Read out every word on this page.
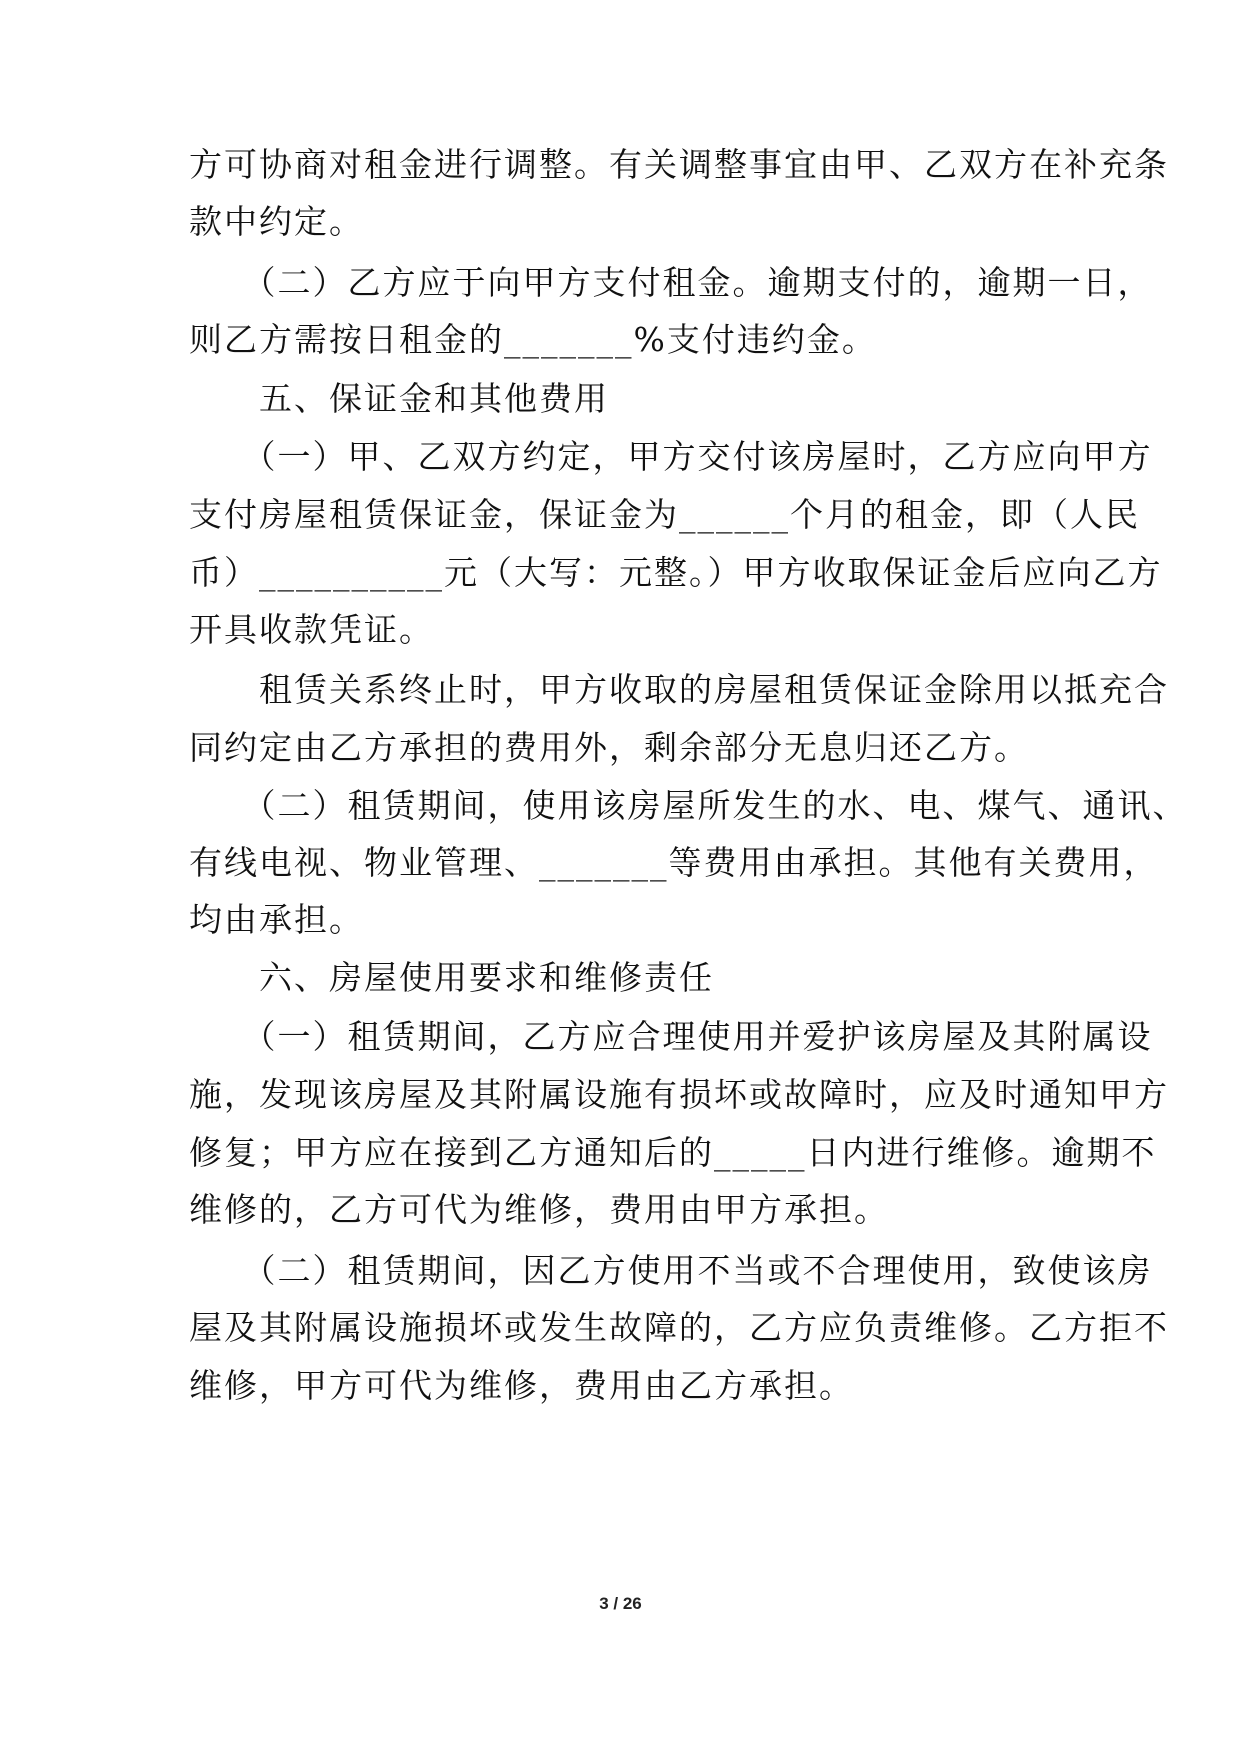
方可协商对租金进行调整。有关调整事宜由甲、乙双方在补充条
款中约定。
　　（二）乙方应于向甲方支付租金。逾期支付的，逾期一日，
则乙方需按日租金的_______%支付违约金。
　　五、保证金和其他费用
　　（一）甲、乙双方约定，甲方交付该房屋时，乙方应向甲方
支付房屋租赁保证金，保证金为______个月的租金，即（人民
币）__________元（大写：元整。）甲方收取保证金后应向乙方
开具收款凭证。
　　租赁关系终止时，甲方收取的房屋租赁保证金除用以抵充合
同约定由乙方承担的费用外，剩余部分无息归还乙方。
　　（二）租赁期间，使用该房屋所发生的水、电、煤气、通讯、
有线电视、物业管理、_______等费用由承担。其他有关费用，
均由承担。
　　六、房屋使用要求和维修责任
　　（一）租赁期间，乙方应合理使用并爱护该房屋及其附属设
施，发现该房屋及其附属设施有损坏或故障时，应及时通知甲方
修复；甲方应在接到乙方通知后的_____日内进行维修。逾期不
维修的，乙方可代为维修，费用由甲方承担。
　　（二）租赁期间，因乙方使用不当或不合理使用，致使该房
屋及其附属设施损坏或发生故障的，乙方应负责维修。乙方拒不
维修，甲方可代为维修，费用由乙方承担。
3 / 26
